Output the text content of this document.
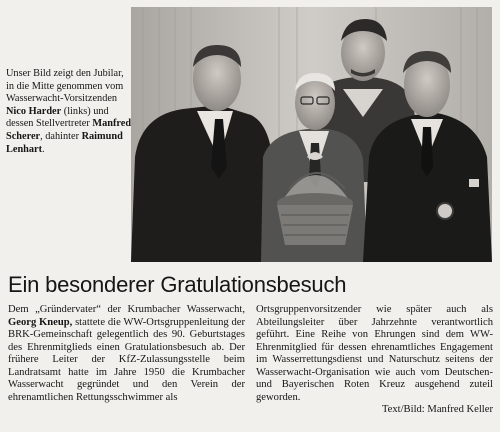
Unser Bild zeigt den Jubilar, in die Mitte genommen vom Wasserwacht-Vorsitzenden Nico Harder (links) und dessen Stellvertreter Manfred Scherer, dahinter Raimund Lenhart.
Ein besonderer Gratulationsbesuch
Dem „Gründervater“ der Krumbacher Wasserwacht, Georg Kneup, stattete die WW-Ortsgruppenleitung der BRK-Gemeinschaft gelegentlich des 90. Geburtstages des Ehrenmitglieds einen Gratulationsbesuch ab. Der frühere Leiter der KfZ-Zulassungsstelle beim Landratsamt hatte im Jahre 1950 die Krumbacher Wasserwacht gegründet und den Verein der ehrenamtlichen Rettungsschwimmer als
Ortsgruppenvorsitzender wie später auch als Abteilungsleiter über Jahrzehnte verantwortlich geführt. Eine Reihe von Ehrungen sind dem WW-Ehrenmitglied für dessen ehrenamtliches Engagement im Wasserrettungsdienst und Naturschutz seitens der Wasserwacht-Organisation wie auch vom Deutschen- und Bayerischen Roten Kreuz ausgehend zuteil geworden.
Text/Bild: Manfred Keller
